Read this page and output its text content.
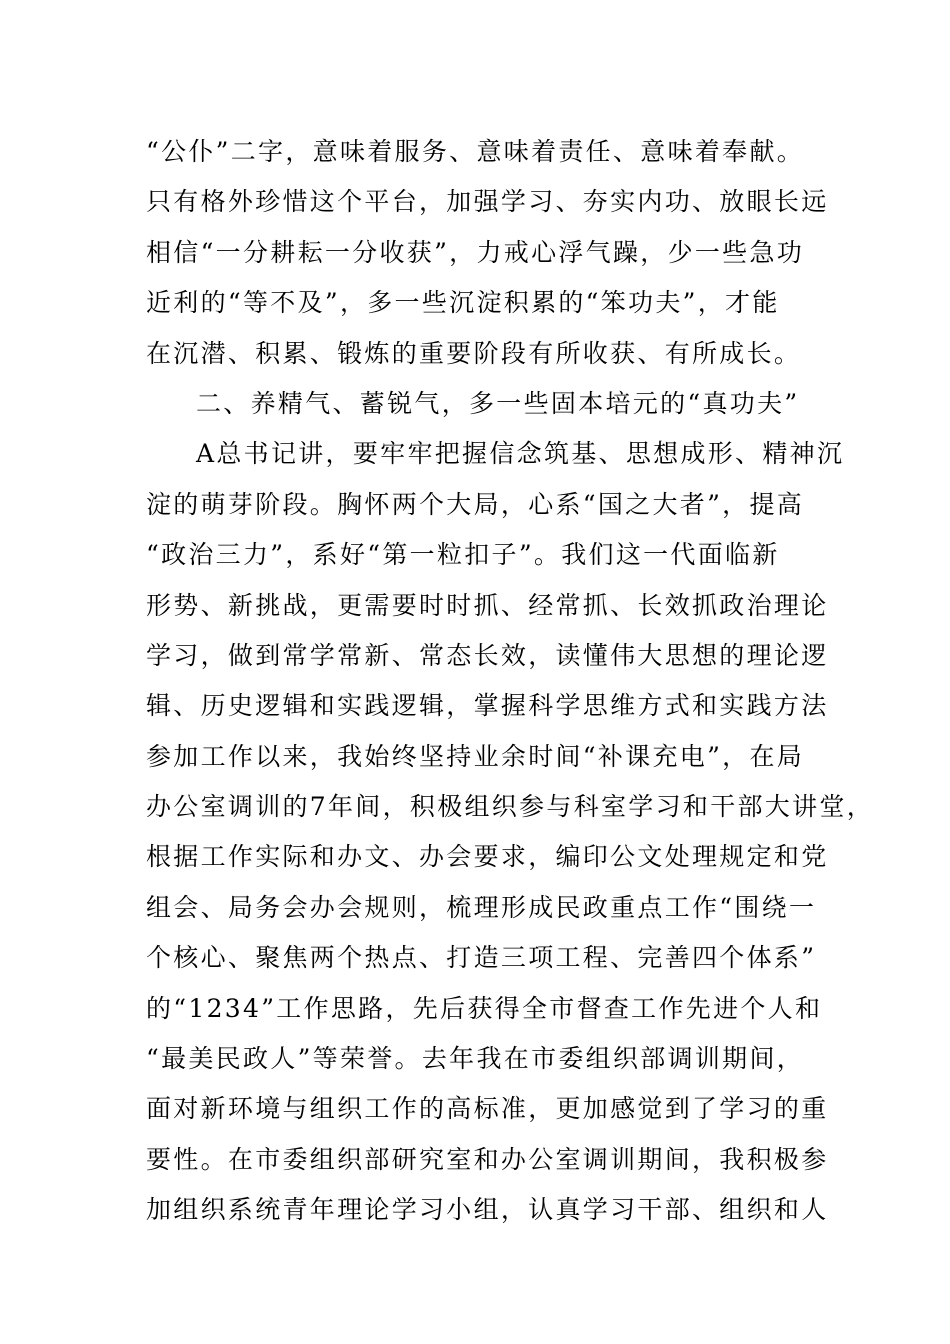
“公仆”二字，意味着服务、意味着责任、意味着奉献。
只有格外珍惜这个平台，加强学习、夯实内功、放眼长远
相信“一分耕耘一分收获”，力戒心浮气躁，少一些急功
近利的“等不及”，多一些沉淀积累的“笨功夫”，才能
在沉潜、积累、锻炼的重要阶段有所收获、有所成长。
二、养精气、蓄锐气，多一些固本培元的“真功夫”
A总书记讲，要牢牢把握信念筑基、思想成形、精神沉
淀的萌芽阶段。胸怀两个大局，心系“国之大者”，提高
“政治三力”，系好“第一粒扣子”。我们这一代面临新
形势、新挑战，更需要时时抓、经常抓、长效抓政治理论
学习，做到常学常新、常态长效，读懂伟大思想的理论逻
辑、历史逻辑和实践逻辑，掌握科学思维方式和实践方法
参加工作以来，我始终坚持业余时间“补课充电”，在局
办公室调训的7年间，积极组织参与科室学习和干部大讲堂，
根据工作实际和办文、办会要求，编印公文处理规定和党
组会、局务会办会规则，梳理形成民政重点工作“围绕一
个核心、聚焦两个热点、打造三项工程、完善四个体系”
的“1234”工作思路，先后获得全市督查工作先进个人和
“最美民政人”等荣誉。去年我在市委组织部调训期间，
面对新环境与组织工作的高标准，更加感觉到了学习的重
要性。在市委组织部研究室和办公室调训期间，我积极参
加组织系统青年理论学习小组，认真学习干部、组织和人
